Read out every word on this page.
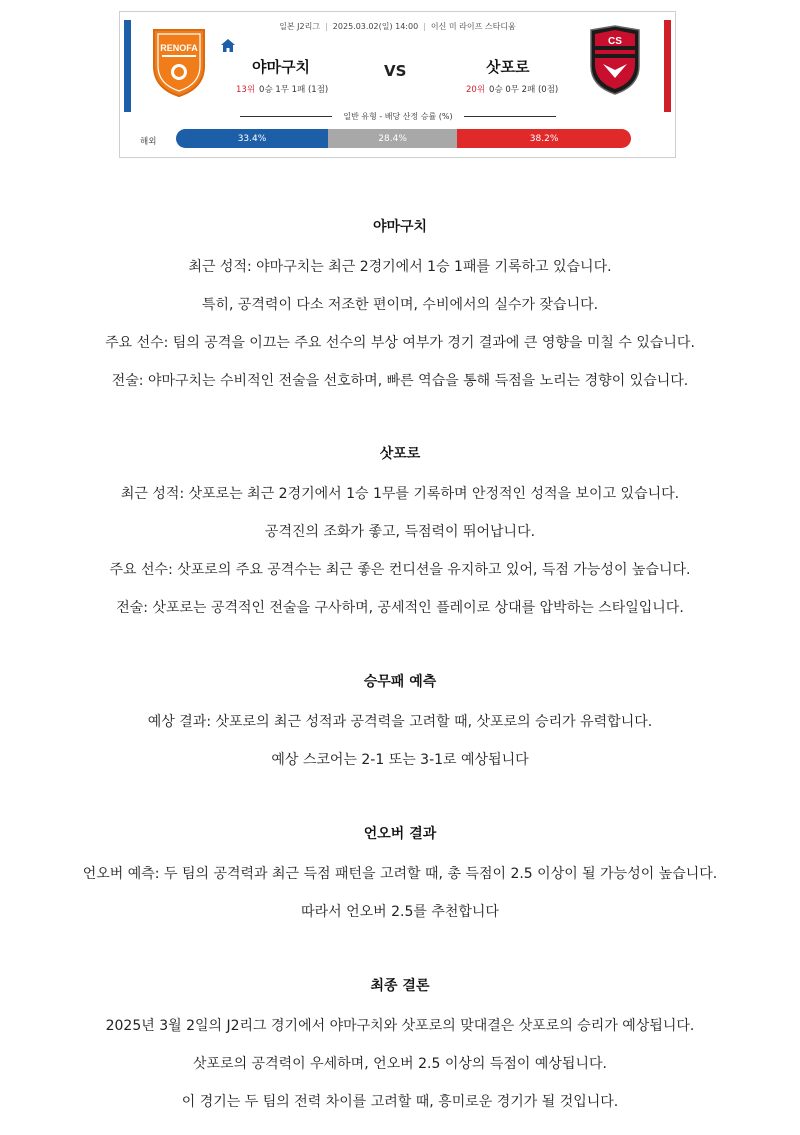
일본 J2리그 | 2025.03.02(일) 14:00 | 이신 미 라이프 스타디움
RENOFA
야마구치	VS	삿포로
13위 0승 1무 1패 (1점)	20위 0승 0무 2패 (0점)
CS
일반 유형 - 배당 산정 승률 (%)
해외	33.4%	28.4%	38.2%
야마구치
최근 성적: 야마구치는 최근 2경기에서 1승 1패를 기록하고 있습니다.
특히, 공격력이 다소 저조한 편이며, 수비에서의 실수가 잦습니다.
주요 선수: 팀의 공격을 이끄는 주요 선수의 부상 여부가 경기 결과에 큰 영향을 미칠 수 있습니다.
전술: 야마구치는 수비적인 전술을 선호하며, 빠른 역습을 통해 득점을 노리는 경향이 있습니다.
삿포로
최근 성적: 삿포로는 최근 2경기에서 1승 1무를 기록하며 안정적인 성적을 보이고 있습니다.
공격진의 조화가 좋고, 득점력이 뛰어납니다.
주요 선수: 삿포로의 주요 공격수는 최근 좋은 컨디션을 유지하고 있어, 득점 가능성이 높습니다.
전술: 삿포로는 공격적인 전술을 구사하며, 공세적인 플레이로 상대를 압박하는 스타일입니다.
승무패 예측
예상 결과: 삿포로의 최근 성적과 공격력을 고려할 때, 삿포로의 승리가 유력합니다.
예상 스코어는 2-1 또는 3-1로 예상됩니다
언오버 결과
언오버 예측: 두 팀의 공격력과 최근 득점 패턴을 고려할 때, 총 득점이 2.5 이상이 될 가능성이 높습니다.
따라서 언오버 2.5를 추천합니다
최종 결론
2025년 3월 2일의 J2리그 경기에서 야마구치와 삿포로의 맞대결은 삿포로의 승리가 예상됩니다.
삿포로의 공격력이 우세하며, 언오버 2.5 이상의 득점이 예상됩니다.
이 경기는 두 팀의 전력 차이를 고려할 때, 흥미로운 경기가 될 것입니다.
